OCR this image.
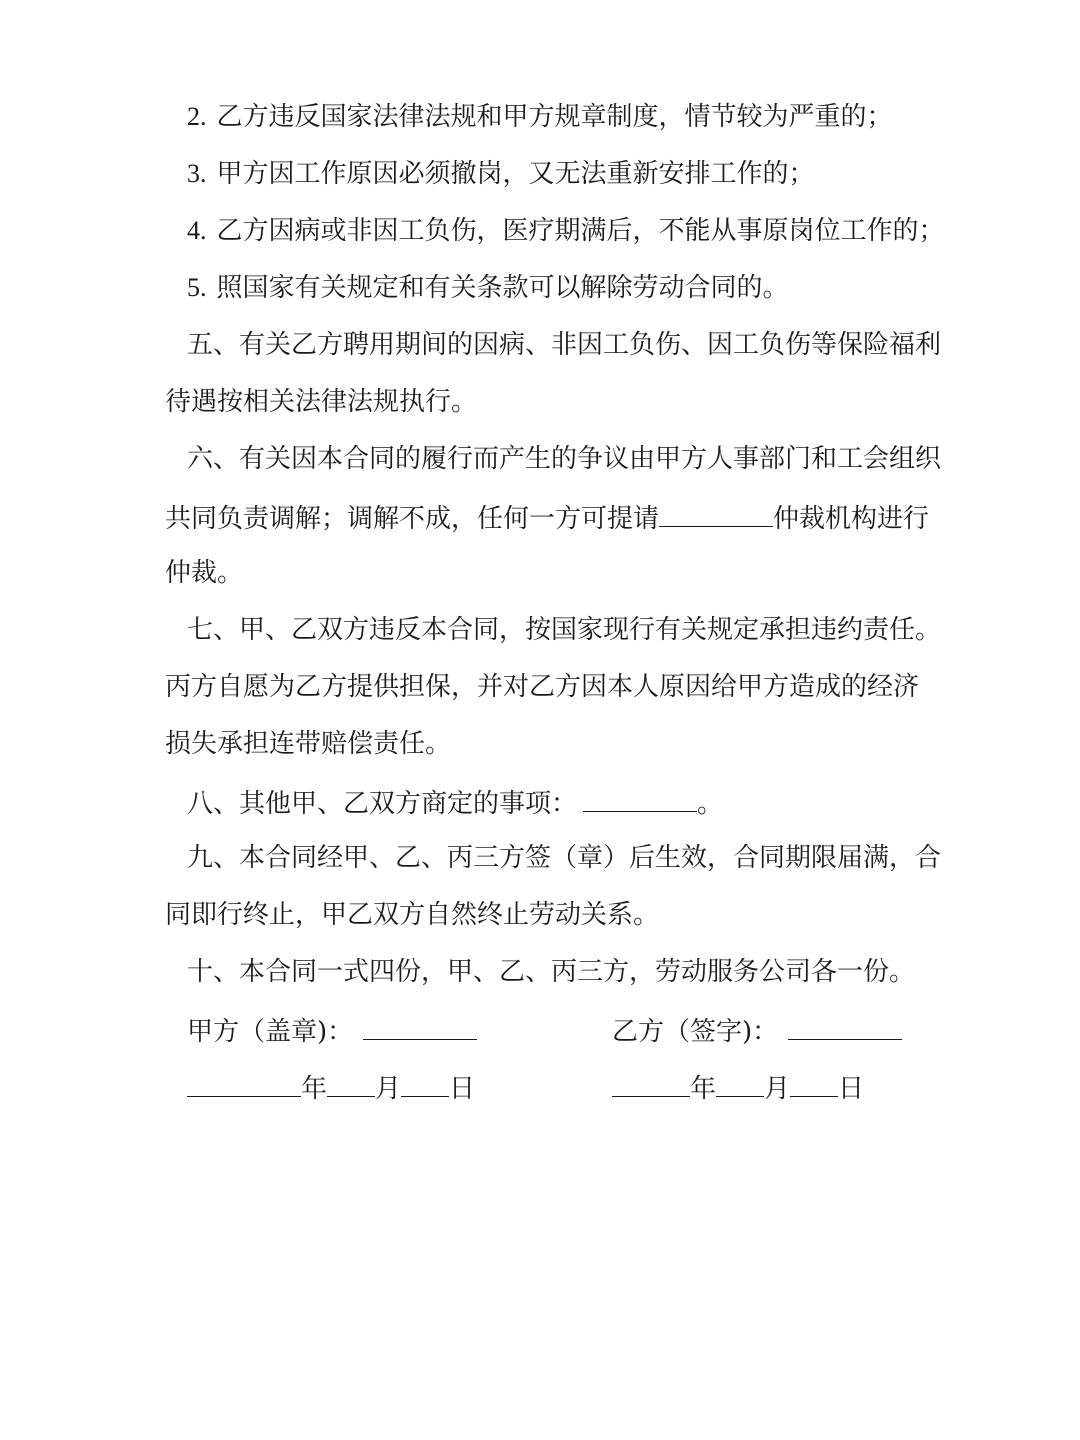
2. 乙方违反国家法律法规和甲方规章制度，情节较为严重的；
3. 甲方因工作原因必须撤岗，又无法重新安排工作的；
4. 乙方因病或非因工负伤，医疗期满后，不能从事原岗位工作的；
5. 照国家有关规定和有关条款可以解除劳动合同的。
五、有关乙方聘用期间的因病、非因工负伤、因工负伤等保险福利
待遇按相关法律法规执行。
六、有关因本合同的履行而产生的争议由甲方人事部门和工会组织
共同负责调解；调解不成，任何一方可提请	仲裁机构进行
仲裁。
七、甲、乙双方违反本合同，按国家现行有关规定承担违约责任。
丙方自愿为乙方提供担保，并对乙方因本人原因给甲方造成的经济
损失承担连带赔偿责任。
八、其他甲、乙双方商定的事项：	。
九、本合同经甲、乙、丙三方签（章）后生效，合同期限届满，合
同即行终止，甲乙双方自然终止劳动关系。
十、本合同一式四份，甲、乙、丙三方，劳动服务公司各一份。
甲方（盖章)：	乙方（签字)：
年 月 日	年 月 日
